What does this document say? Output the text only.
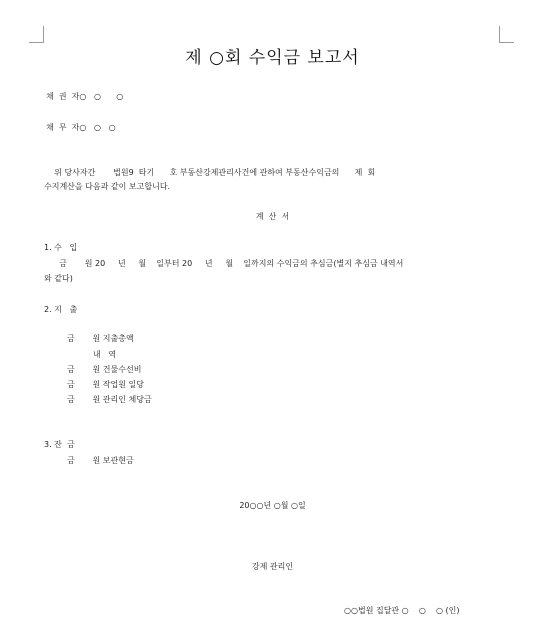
제 ○회 수익금 보고서
채  권  자○   ○      ○
채  무  자○   ○   ○
위 당사자간       법원9  타기      호 부동산강제관리사건에 관하여 부동산수익금의      제  회
수지계산을 다음과 같이 보고합니다.
계  산  서
1. 수   입
금       원 20     년     월    일부터 20     년     월    일까지의 수익금의 추심금(별지 추심금 내역서
와 같다)
2. 지   출
금       원 지출총액
내   역
금       원 건물수선비
금       원 작업원 일당
금       원 관리인 체당금
3. 잔  금
금       원 보관현금
20○○년 ○월 ○일
강제 관리인
○○법원 집달관 ○    ○    ○ (인)
